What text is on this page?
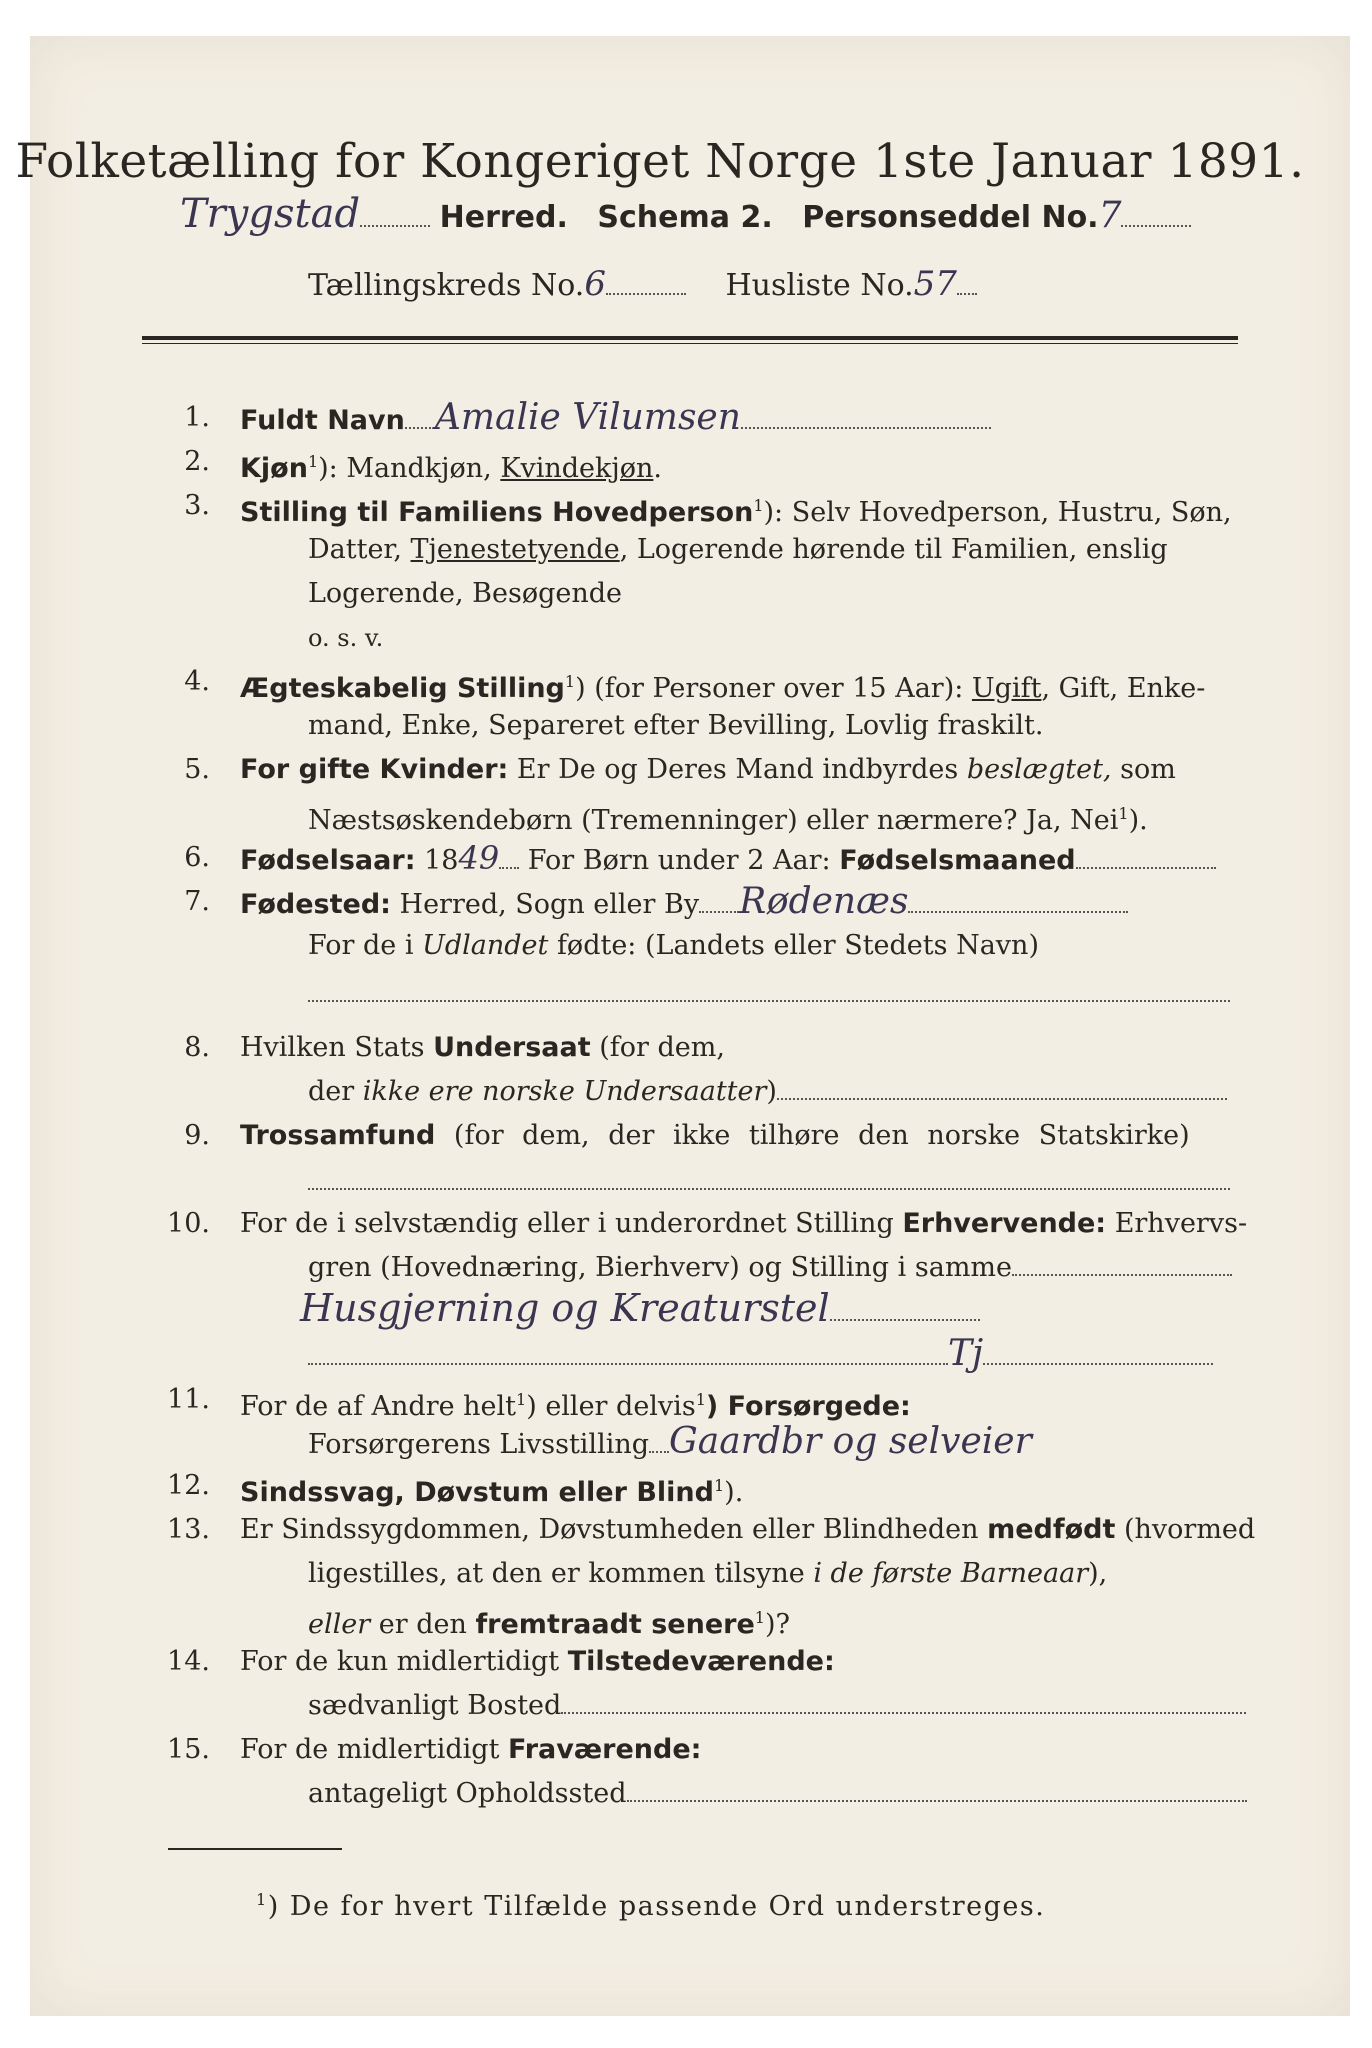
Folketælling for Kongeriget Norge 1ste Januar 1891.
Trygstad	Herred. Schema 2. Personseddel No.7
Tællingskreds No.6	Husliste No.57
1. Fuldt Navn Amalie Vilumsen
2. Kjøn$^1$): Mandkjøn, Kvindekjøn.
3. Stilling til Familiens Hovedperson$^1$): Selv Hovedperson, Hustru, Søn,
Datter, Tjenestetyende, Logerende hørende til Familien, enslig
Logerende, Besøgende
o. s. v.
4. Ægteskabelig Stilling$^1$) (for Personer over 15 Aar): Ugift, Gift, Enke-
mand, Enke, Separeret efter Bevilling, Lovlig fraskilt.
5. For gifte Kvinder: Er De og Deres Mand indbyrdes beslægtet, som
Næstsøskendebørn (Tremenninger) eller nærmere? Ja, Nei$^1$).
6. Fødselsaar: 1849 For Børn under 2 Aar: Fødselsmaaned
7. Fødested: Herred, Sogn eller By Rødenæs
For de i Udlandet fødte: (Landets eller Stedets Navn)
8. Hvilken Stats Undersaat (for dem,
der ikke ere norske Undersaatter)
9. Trossamfund (for dem, der ikke tilhøre den norske Statskirke)
10. For de i selvstændig eller i underordnet Stilling Erhvervende: Erhvervs-
gren (Hovednæring, Bierhverv) og Stilling i samme
Husgjerning og Kreaturstel
Tj
11. For de af Andre helt$^1$) eller delvis$^1$) Forsørgede:
Forsørgerens Livsstilling Gaardbr og selveier
12. Sindssvag, Døvstum eller Blind$^1$).
13. Er Sindssygdommen, Døvstumheden eller Blindheden medfødt (hvormed
ligestilles, at den er kommen tilsyne i de første Barneaar),
eller er den fremtraadt senere$^1$)?
14. For de kun midlertidigt Tilstedeværende:
sædvanligt Bosted
15. For de midlertidigt Fraværende:
antageligt Opholdssted
$^1$) De for hvert Tilfælde passende Ord understreges.
